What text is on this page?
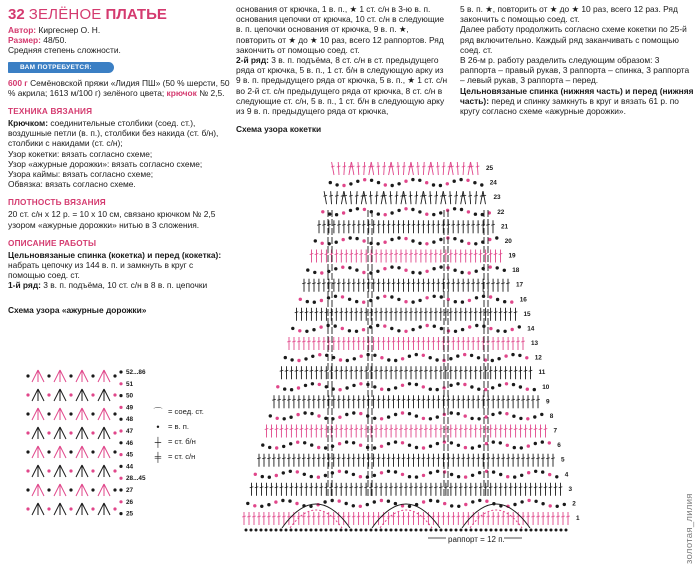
32 ЗЕЛЁНОЕ ПЛАТЬЕ
Автор: Киргеснер О. Н.
Размер: 48/50.
Средняя степень сложности.
ВАМ ПОТРЕБУЕТСЯ:
600 г Семёновской пряжи «Лидия ПШ» (50 % шерсти, 50 % акрила; 1613 м/100 г) зелёного цвета; крючок № 2,5.
ТЕХНИКА ВЯЗАНИЯ
Крючком: соединительные столбики (соед. ст.), воздушные петли (в. п.), столбики без накида (ст. б/н), столбики с накидами (ст. с/н);
Узор кокетки: вязать согласно схеме;
Узор «ажурные дорожки»: вязать согласно схеме;
Узора каймы: вязать согласно схеме;
Обвязка: вязать согласно схеме.
ПЛОТНОСТЬ ВЯЗАНИЯ
20 ст. с/н х 12 р. = 10 х 10 см, связано крючком № 2,5 узором «ажурные дорожки» нитью в 3 сложения.
ОПИСАНИЕ РАБОТЫ
Цельновязаные спинка (кокетка) и перед (кокетка): набрать цепочку из 144 в. п. и замкнуть в круг с помощью соед. ст.
1-й ряд: 3 в. п. подъёма, 10 ст. с/н в 8 в. п. цепочки
Схема узора «ажурные дорожки»
основания от крючка, 1 в. п., ★ 1 ст. с/н в 3-ю в. п. основания цепочки от крючка, 10 ст. с/н в следующие в. п. цепочки основания от крючка, 9 в. п. ★, повторить от ★ до ★ 10 раз, всего 12 раппортов. Ряд закончить от помощью соед. ст.
2-й ряд: 3 в. п. подъёма, 8 ст. с/н в ст. предыдущего ряда от крючка, 5 в. п., 1 ст. б/н в следующую арку из 9 в. п. предыдущего ряда от крючка, 5 в. п., ★ 1 ст. с/н во 2-й ст. с/н предыдущего ряда от крючка, 8 ст. с/н в следующие ст. с/н, 5 в. п., 1 ст. б/н в следующую арку из 9 в. п. предыдущего ряда от крючка,
Схема узора кокетки
5 в. п. ★, повторить от ★ до ★ 10 раз, всего 12 раз. Ряд закончить с помощью соед. ст.
Далее работу продолжить согласно схеме кокетки по 25-й ряд включительно. Каждый ряд заканчивать с помощью соед. ст.
В 26-м р. работу разделить следующим образом: 3 раппорта – правый рукав, 3 раппорта – спинка, 3 раппорта – левый рукав, 3 раппорта – перед.
Цельновязаные спинка (нижняя часть) и перед (нижняя часть): перед и спинку замкнуть в круг и вязать 61 р. по кругу согласно схеме «ажурные дорожки».
52...86
51
50
49
48
47
46
45
44
28...45
27
26
25
⌒ = соед. ст.
•	= в. п.
┼ = ст. б/н
╪ = ст. с/н
25
24
23
22
21
20
19
18
17
16
15
14
13
12
11
10
9
8
7
6
5
4
3
2
1
раппорт = 12 п.	золотая_лилия
